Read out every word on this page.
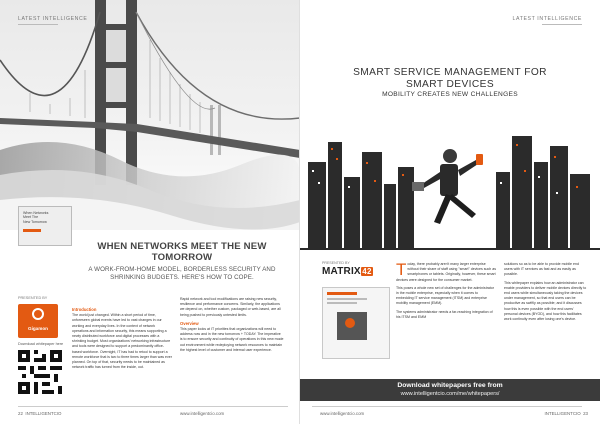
LATEST INTELLIGENCE
When Networks
Meet The
New Tomorrow
WHEN NETWORKS MEET THE NEW TOMORROW
A WORK-FROM-HOME MODEL, BORDERLESS SECURITY AND SHRINKING BUDGETS. HERE'S HOW TO COPE.
PRESENTED BY
Gigamon
Download whitepaper here
Introduction

The world just changed. Within a short period of time, unforeseen global events have led to vast changes in our working and everyday lives. In the context of network operations and information security, this means supporting a newly distributed workforce and digital processes with a shrinking budget. Most organizations' networking infrastructure and tools were designed to support a predominantly office-based workforce. Overnight, IT has had to retool to support a remote workforce that is two to three times larger than was ever planned. On top of that, security needs to be maintained as network traffic has turned from the inside, out.

Rapid network and tool modifications are raising new security, resilience and performance concerns. Similarly, the applications we depend on, whether custom, packaged or web-based, are all being pushed to previously untested limits.

Overview

This paper looks at IT priorities that organizations will need to address now and in the new tomorrow + TODAY. The imperative is to ensure security and continuity of operations in this new mode out environment while redeploying network resources to maintain the highest level of customer and internal user experience.

22 INTELLIGENTCIO	www.intelligentcio.com
LATEST INTELLIGENCE
SMART SERVICE MANAGEMENT FOR
SMART DEVICES
MOBILITY CREATES NEW CHALLENGES
PRESENTED BY
MATRIX 42 Today, there probably aren't many larger enterprise without their share of staff using "smart" devices such as smartphones or tablets. Originally, however, these smart devices were designed for the consumer market.

This poses a whole new set of challenges for the administrator in the mobile enterprise, especially when it comes to embedding IT service management (ITSM) and enterprise mobility management (EMM).

The systems administrator needs a far-reaching integration of his ITSM and EMM

solutions so as to be able to provide mobile end users with IT services as fast and as easily as possible.

This whitepaper explains how an administrator can enable providers to deliver mobile devices directly to end users while simultaneously taking the devices under management, so that end users can be productive as swiftly as possible; and it discusses how this is even possible with the end users' personal devices (BYOD), and how this facilitates work continuity even after losing one's device.

Download whitepapers free from
www.intelligentcio.com/me/whitepapers/
www.intelligentcio.com	INTELLIGENTCIO 23
